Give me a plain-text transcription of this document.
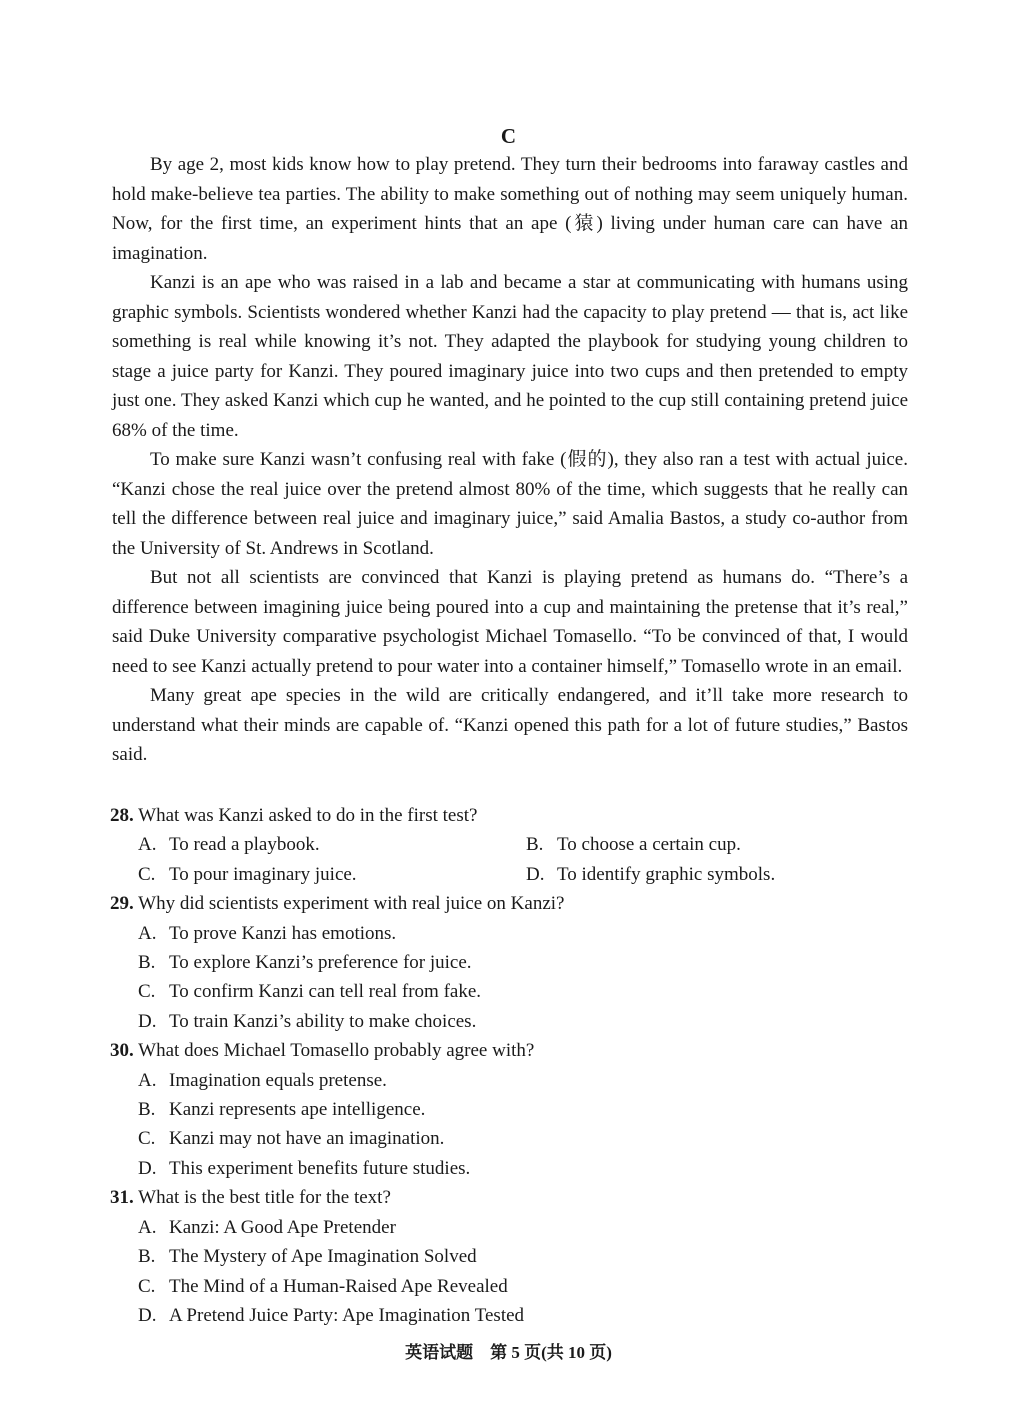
C

By age 2, most kids know how to play pretend. They turn their bedrooms into faraway castles and hold make-believe tea parties. The ability to make something out of nothing may seem uniquely human. Now, for the first time, an experiment hints that an ape (猿) living under human care can have an imagination.

Kanzi is an ape who was raised in a lab and became a star at communicating with humans using graphic symbols. Scientists wondered whether Kanzi had the capacity to play pretend — that is, act like something is real while knowing it’s not. They adapted the playbook for studying young children to stage a juice party for Kanzi. They poured imaginary juice into two cups and then pretended to empty just one. They asked Kanzi which cup he wanted, and he pointed to the cup still containing pretend juice 68% of the time.

To make sure Kanzi wasn’t confusing real with fake (假的), they also ran a test with actual juice. “Kanzi chose the real juice over the pretend almost 80% of the time, which suggests that he really can tell the difference between real juice and imaginary juice,” said Amalia Bastos, a study co-author from the University of St. Andrews in Scotland.

But not all scientists are convinced that Kanzi is playing pretend as humans do. “There’s a difference between imagining juice being poured into a cup and maintaining the pretense that it’s real,” said Duke University comparative psychologist Michael Tomasello. “To be convinced of that, I would need to see Kanzi actually pretend to pour water into a container himself,” Tomasello wrote in an email.

Many great ape species in the wild are critically endangered, and it’ll take more research to understand what their minds are capable of. “Kanzi opened this path for a lot of future studies,” Bastos said.

28. What was Kanzi asked to do in the first test?

A. To read a playbook.	B. To choose a certain cup.

C. To pour imaginary juice.	D. To identify graphic symbols.

29. Why did scientists experiment with real juice on Kanzi?

A. To prove Kanzi has emotions.

B. To explore Kanzi’s preference for juice.

C. To confirm Kanzi can tell real from fake.

D. To train Kanzi’s ability to make choices.

30. What does Michael Tomasello probably agree with?

A. Imagination equals pretense.

B. Kanzi represents ape intelligence.

C. Kanzi may not have an imagination.

D. This experiment benefits future studies.

31. What is the best title for the text?

A. Kanzi: A Good Ape Pretender

B. The Mystery of Ape Imagination Solved

C. The Mind of a Human-Raised Ape Revealed

D. A Pretend Juice Party: Ape Imagination Tested

英语试题　第 5 页(共 10 页)
